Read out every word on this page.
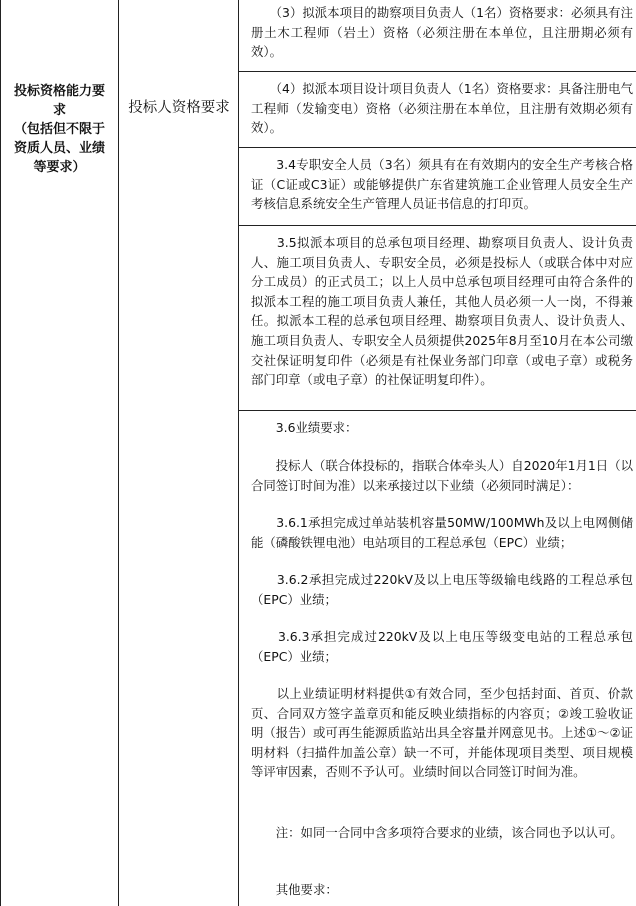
投标资格能力要
求
（包括但不限于
资质人员、业绩
等要求）
投标人资格要求
　　（3）拟派本项目的勘察项目负责人（1名）资格要求：必须具有注册土木工程师（岩土）资格（必须注册在本单位，且注册期必须有效）。
　　（4）拟派本项目设计项目负责人（1名）资格要求：具备注册电气工程师（发输变电）资格（必须注册在本单位，且注册有效期必须有效）。
　　3.4专职安全人员（3名）须具有在有效期内的安全生产考核合格证（C证或C3证）或能够提供广东省建筑施工企业管理人员安全生产考核信息系统安全生产管理人员证书信息的打印页。
　　3.5拟派本项目的总承包项目经理、勘察项目负责人、设计负责人、施工项目负责人、专职安全员，必须是投标人（或联合体中对应分工成员）的正式员工；以上人员中总承包项目经理可由符合条件的拟派本工程的施工项目负责人兼任，其他人员必须一人一岗，不得兼任。拟派本工程的总承包项目经理、勘察项目负责人、设计负责人、施工项目负责人、专职安全人员须提供2025年8月至10月在本公司缴交社保证明复印件（必须是有社保业务部门印章（或电子章）或税务部门印章（或电子章）的社保证明复印件）。
　　3.6业绩要求：
　　投标人（联合体投标的，指联合体牵头人）自2020年1月1日（以合同签订时间为准）以来承接过以下业绩（必须同时满足）：
　　3.6.1承担完成过单站装机容量50MW/100MWh及以上电网侧储能（磷酸铁锂电池）电站项目的工程总承包（EPC）业绩；
　　3.6.2承担完成过220kV及以上电压等级输电线路的工程总承包（EPC）业绩；
　　3.6.3承担完成过220kV及以上电压等级变电站的工程总承包（EPC）业绩；
　　以上业绩证明材料提供①有效合同，至少包括封面、首页、价款页、合同双方签字盖章页和能反映业绩指标的内容页；②竣工验收证明（报告）或可再生能源质监站出具全容量并网意见书。上述①～②证明材料（扫描件加盖公章）缺一不可，并能体现项目类型、项目规模等评审因素，否则不予认可。业绩时间以合同签订时间为准。
　　注：如同一合同中含多项符合要求的业绩，该合同也予以认可。
　　其他要求：
